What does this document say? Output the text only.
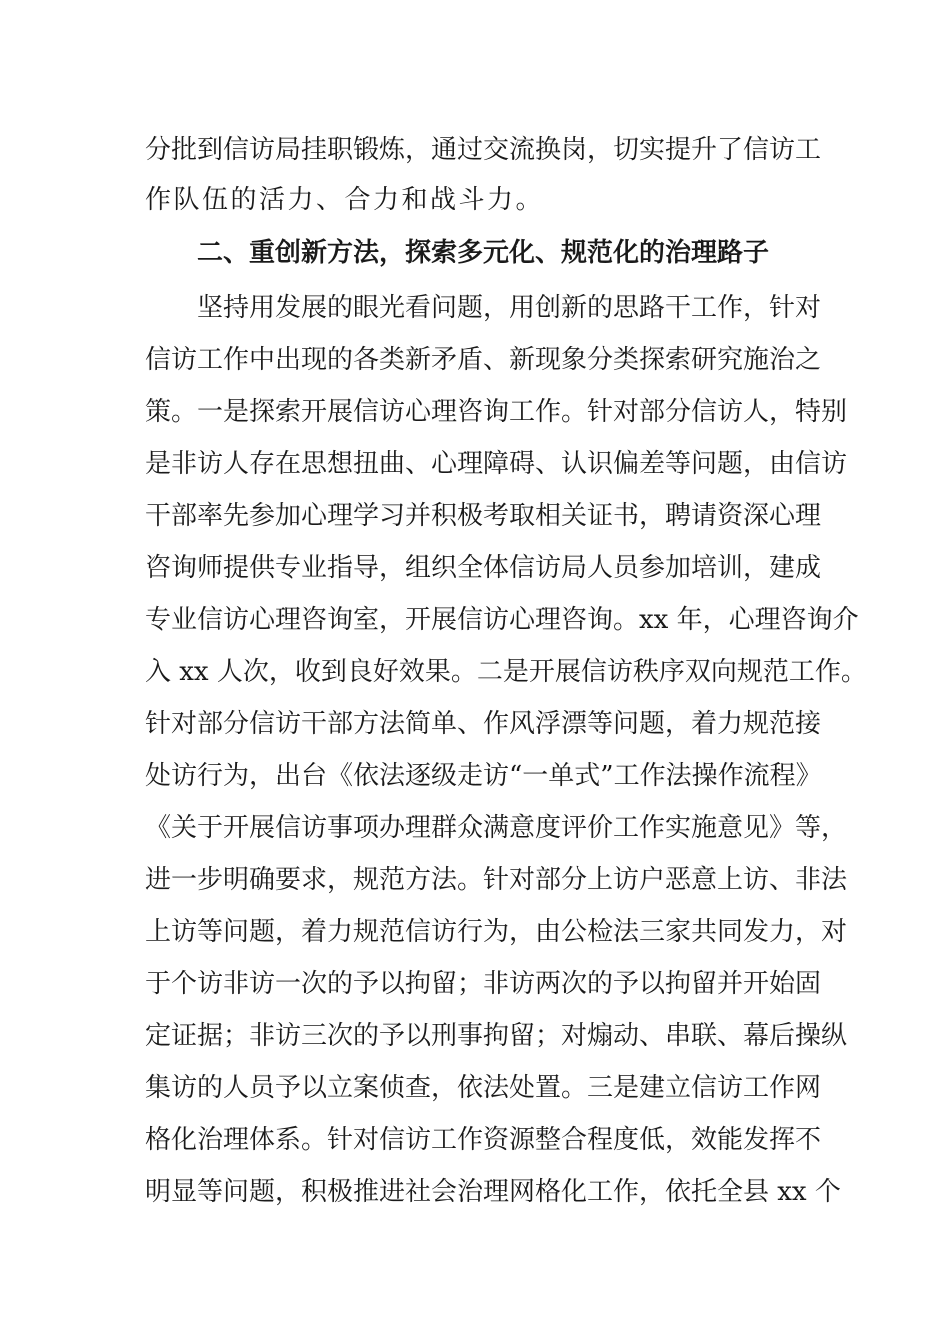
分批到信访局挂职锻炼，通过交流换岗，切实提升了信访工

作队伍的活力、合力和战斗力。

二、重创新方法，探索多元化、规范化的治理路子

坚持用发展的眼光看问题，用创新的思路干工作，针对

信访工作中出现的各类新矛盾、新现象分类探索研究施治之

策。一是探索开展信访心理咨询工作。针对部分信访人，特别

是非访人存在思想扭曲、心理障碍、认识偏差等问题，由信访

干部率先参加心理学习并积极考取相关证书，聘请资深心理

咨询师提供专业指导，组织全体信访局人员参加培训，建成

专业信访心理咨询室，开展信访心理咨询。xx 年，心理咨询介

入 xx 人次，收到良好效果。二是开展信访秩序双向规范工作。

针对部分信访干部方法简单、作风浮漂等问题，着力规范接

处访行为，出台《依法逐级走访“一单式”工作法操作流程》

《关于开展信访事项办理群众满意度评价工作实施意见》等，

进一步明确要求，规范方法。针对部分上访户恶意上访、非法

上访等问题，着力规范信访行为，由公检法三家共同发力，对

于个访非访一次的予以拘留；非访两次的予以拘留并开始固

定证据；非访三次的予以刑事拘留；对煽动、串联、幕后操纵

集访的人员予以立案侦查，依法处置。三是建立信访工作网

格化治理体系。针对信访工作资源整合程度低，效能发挥不

明显等问题，积极推进社会治理网格化工作，依托全县 xx 个
